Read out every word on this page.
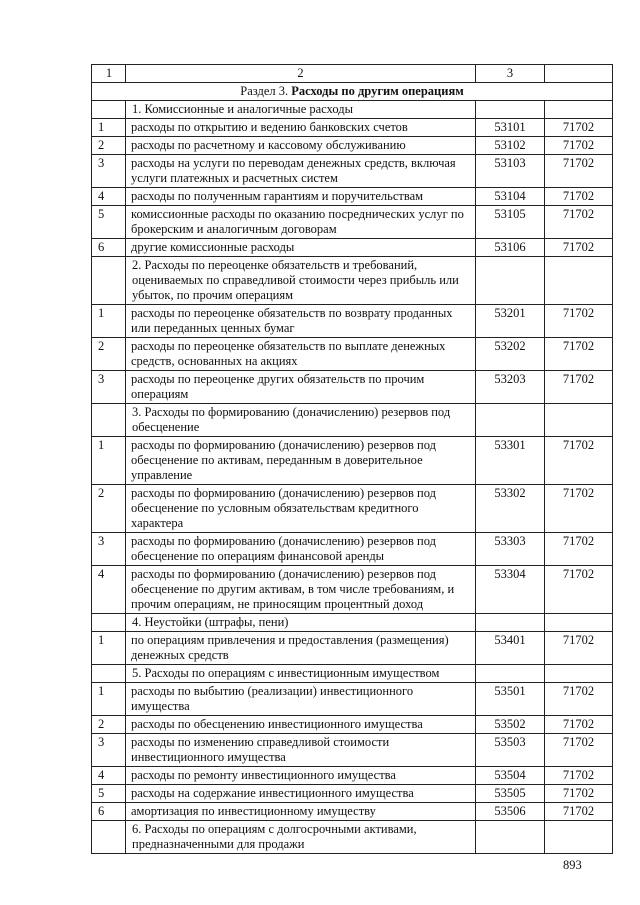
1	2	3	
Раздел 3. Расходы по другим операциям			
	1. Комиссионные и аналогичные расходы		
1	расходы по открытию и ведению банковских счетов	53101	71702
2	расходы по расчетному и кассовому обслуживанию	53102	71702
3	расходы на услуги по переводам денежных средств, включая услуги платежных и расчетных систем	53103	71702
4	расходы по полученным гарантиям и поручительствам	53104	71702
5	комиссионные расходы по оказанию посреднических услуг по брокерским и аналогичным договорам	53105	71702
6	другие комиссионные расходы	53106	71702
	2. Расходы по переоценке обязательств и требований, оцениваемых по справедливой стоимости через прибыль или убыток, по прочим операциям		
1	расходы по переоценке обязательств по возврату проданных или переданных ценных бумаг	53201	71702
2	расходы по переоценке обязательств по выплате денежных средств, основанных на акциях	53202	71702
3	расходы по переоценке других обязательств по прочим операциям	53203	71702
	3. Расходы по формированию (доначислению) резервов под обесценение		
1	расходы по формированию (доначислению) резервов под обесценение по активам, переданным в доверительное управление	53301	71702
2	расходы по формированию (доначислению) резервов под обесценение по условным обязательствам кредитного характера	53302	71702
3	расходы по формированию (доначислению) резервов под обесценение по операциям финансовой аренды	53303	71702
4	расходы по формированию (доначислению) резервов под обесценение по другим активам, в том числе требованиям, и прочим операциям, не приносящим процентный доход	53304	71702
	4. Неустойки (штрафы, пени)		
1	по операциям привлечения и предоставления (размещения) денежных средств	53401	71702
	5. Расходы по операциям с инвестиционным имуществом		
1	расходы по выбытию (реализации) инвестиционного имущества	53501	71702
2	расходы по обесценению инвестиционного имущества	53502	71702
3	расходы по изменению справедливой стоимости инвестиционного имущества	53503	71702
4	расходы по ремонту инвестиционного имущества	53504	71702
5	расходы на содержание инвестиционного имущества	53505	71702
6	амортизация по инвестиционному имуществу	53506	71702
	6. Расходы по операциям с долгосрочными активами, предназначенными для продажи		
893
